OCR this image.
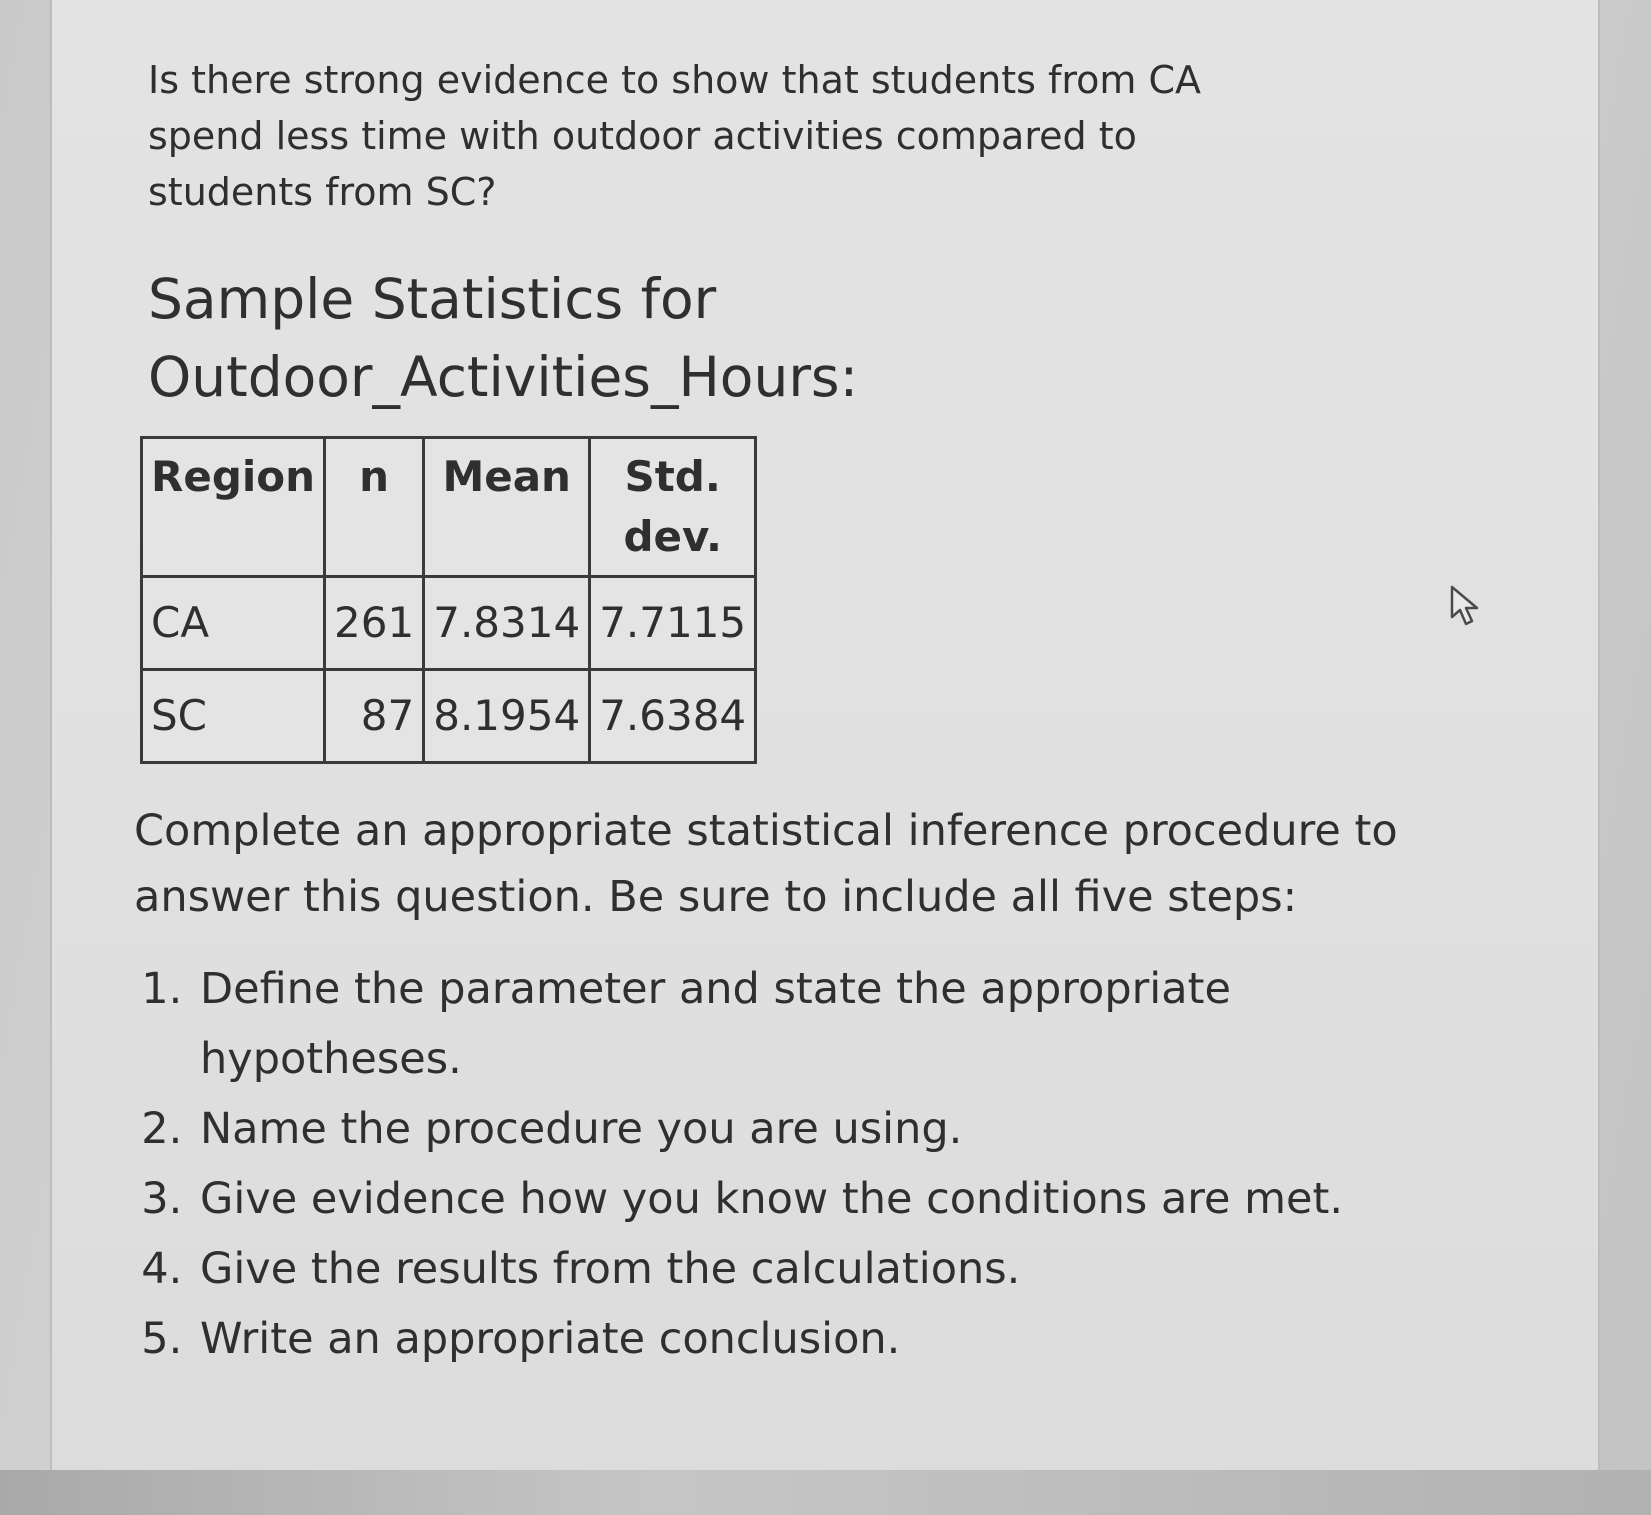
Is there strong evidence to show that students from CA spend less time with outdoor activities compared to students from SC?

Sample Statistics for
Outdoor_Activities_Hours:
Region	n	Mean	Std.
dev.
CA	261	7.8314	7.7115
SC	87	8.1954	7.6384

Complete an appropriate statistical inference procedure to answer this question. Be sure to include all five steps:

1. Define the parameter and state the appropriate hypotheses.
2. Name the procedure you are using.
3. Give evidence how you know the conditions are met.
4. Give the results from the calculations.
5. Write an appropriate conclusion.
